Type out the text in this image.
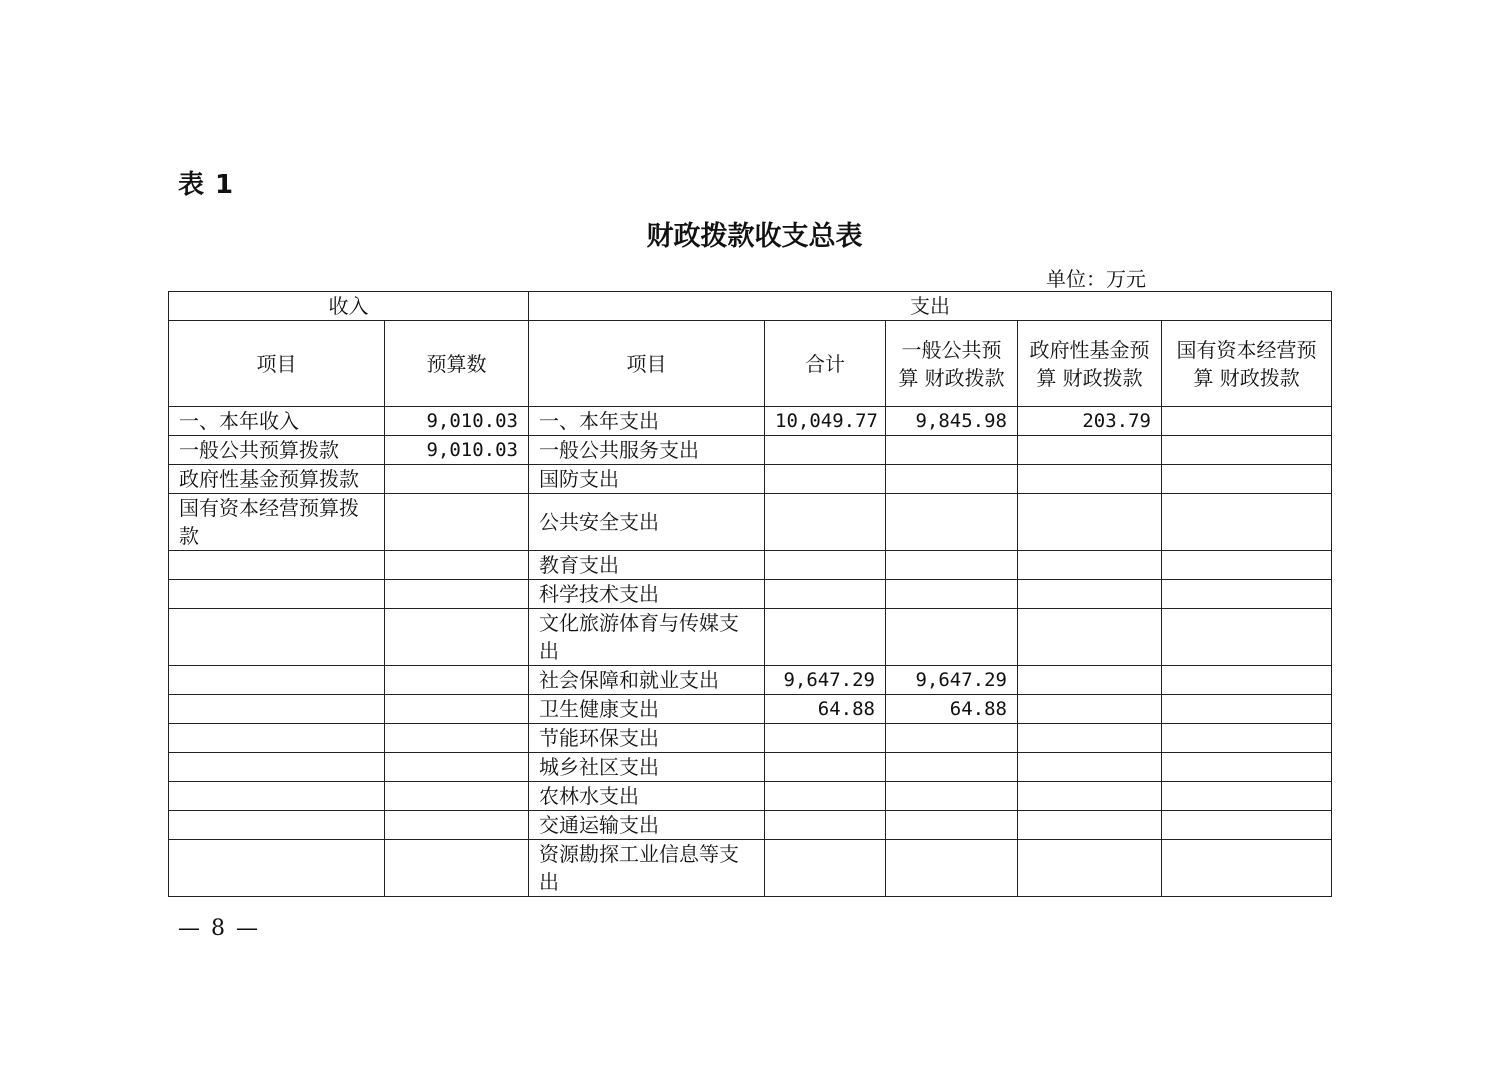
表 1
财政拨款收支总表
单位：万元
收入		支出				
项目	预算数	项目	合计	一般公共预算 财政拨款	政府性基金预算 财政拨款	国有资本经营预算 财政拨款
一、本年收入	9,010.03	一、本年支出	10,049.77	9,845.98	203.79	
一般公共预算拨款	9,010.03	一般公共服务支出				
政府性基金预算拨款		国防支出				
国有资本经营预算拨款		公共安全支出				
		教育支出				
		科学技术支出				
		文化旅游体育与传媒支出				
		社会保障和就业支出	9,647.29	9,647.29		
		卫生健康支出	64.88	64.88		
		节能环保支出				
		城乡社区支出				
		农林水支出				
		交通运输支出				
		资源勘探工业信息等支出				
— 8 —
